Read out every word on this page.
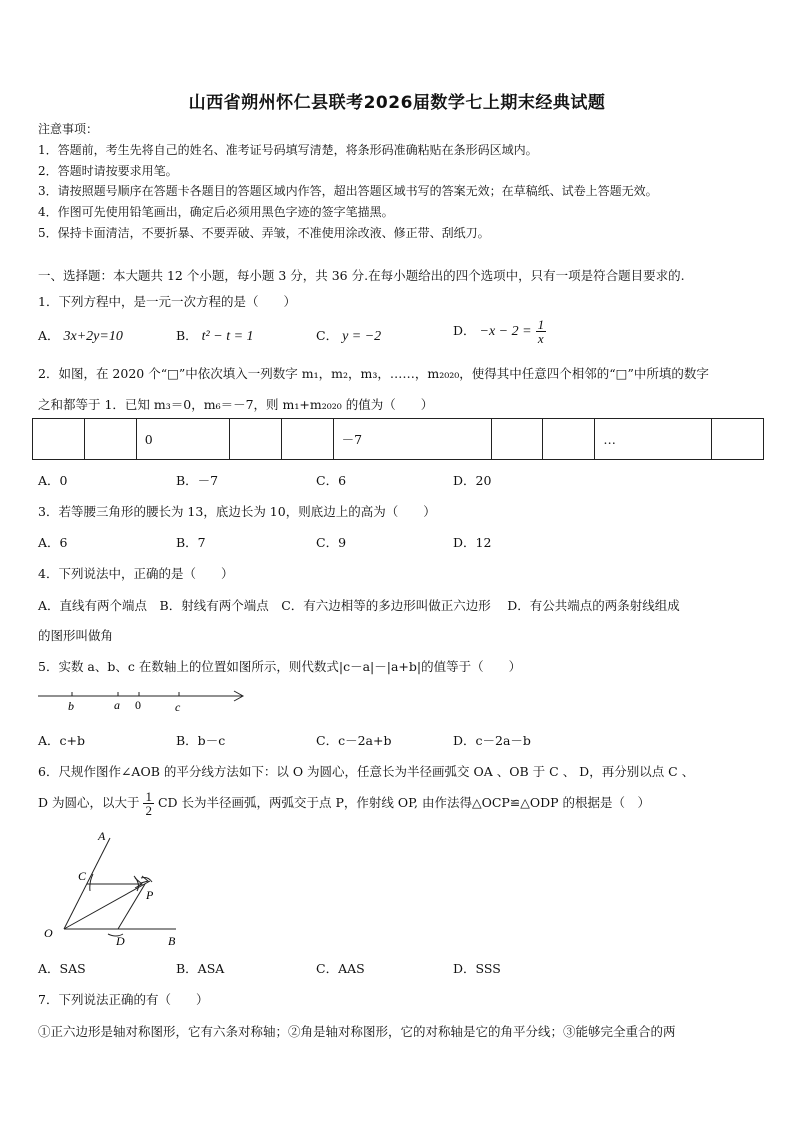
山西省朔州怀仁县联考2026届数学七上期末经典试题
注意事项：
1．答题前，考生先将自己的姓名、准考证号码填写清楚，将条形码准确粘贴在条形码区域内。
2．答题时请按要求用笔。
3．请按照题号顺序在答题卡各题目的答题区域内作答，超出答题区域书写的答案无效；在草稿纸、试卷上答题无效。
4．作图可先使用铅笔画出，确定后必须用黑色字迹的签字笔描黑。
5．保持卡面清洁，不要折暴、不要弄破、弄皱，不准使用涂改液、修正带、刮纸刀。
一、选择题：本大题共 12 个小题，每小题 3 分，共 36 分.在每小题给出的四个选项中，只有一项是符合题目要求的.
1．下列方程中，是一元一次方程的是（　　）
A． 3x+2y=10	B． t² − t = 1	C． y = −2	D． $-x - 2 = \frac{1}{x}$
2．如图，在 2020 个“□”中依次填入一列数字 m₁，m₂，m₃，……，m₂₀₂₀，使得其中任意四个相邻的“□”中所填的数字
之和都等于 1．已知 m₃＝0，m₆＝－7，则 m₁+m₂₀₂₀ 的值为（　　）
		0			－7			…	
A．0	B．－7	C．6	D．20
3．若等腰三角形的腰长为 13，底边长为 10，则底边上的高为（　　）
A．6	B．7	C．9	D．12
4．下列说法中，正确的是（　　）
A．直线有两个端点　B．射线有两个端点　C．有六边相等的多边形叫做正六边形　 D．有公共端点的两条射线组成
的图形叫做角
5．实数 a、b、c 在数轴上的位置如图所示，则代数式|c－a|－|a+b|的值等于（　　）
b	a 0	c
A．c+b	B．b－c	C．c－2a+b	D．c－2a－b
6．尺规作图作∠AOB 的平分线方法如下：以 O 为圆心，任意长为半径画弧交 OA 、OB 于 C 、 D，再分别以点 C 、
D 为圆心，以大于 $\frac{1}{2}$ CD 长为半径画弧，两弧交于点 P，作射线 OP, 由作法得△OCP≌△ODP 的根据是（　）
A
C
P
O
D	B
A．SAS	B．ASA	C．AAS	D．SSS
7．下列说法正确的有（　　）
①正六边形是轴对称图形，它有六条对称轴；②角是轴对称图形，它的对称轴是它的角平分线；③能够完全重合的两
